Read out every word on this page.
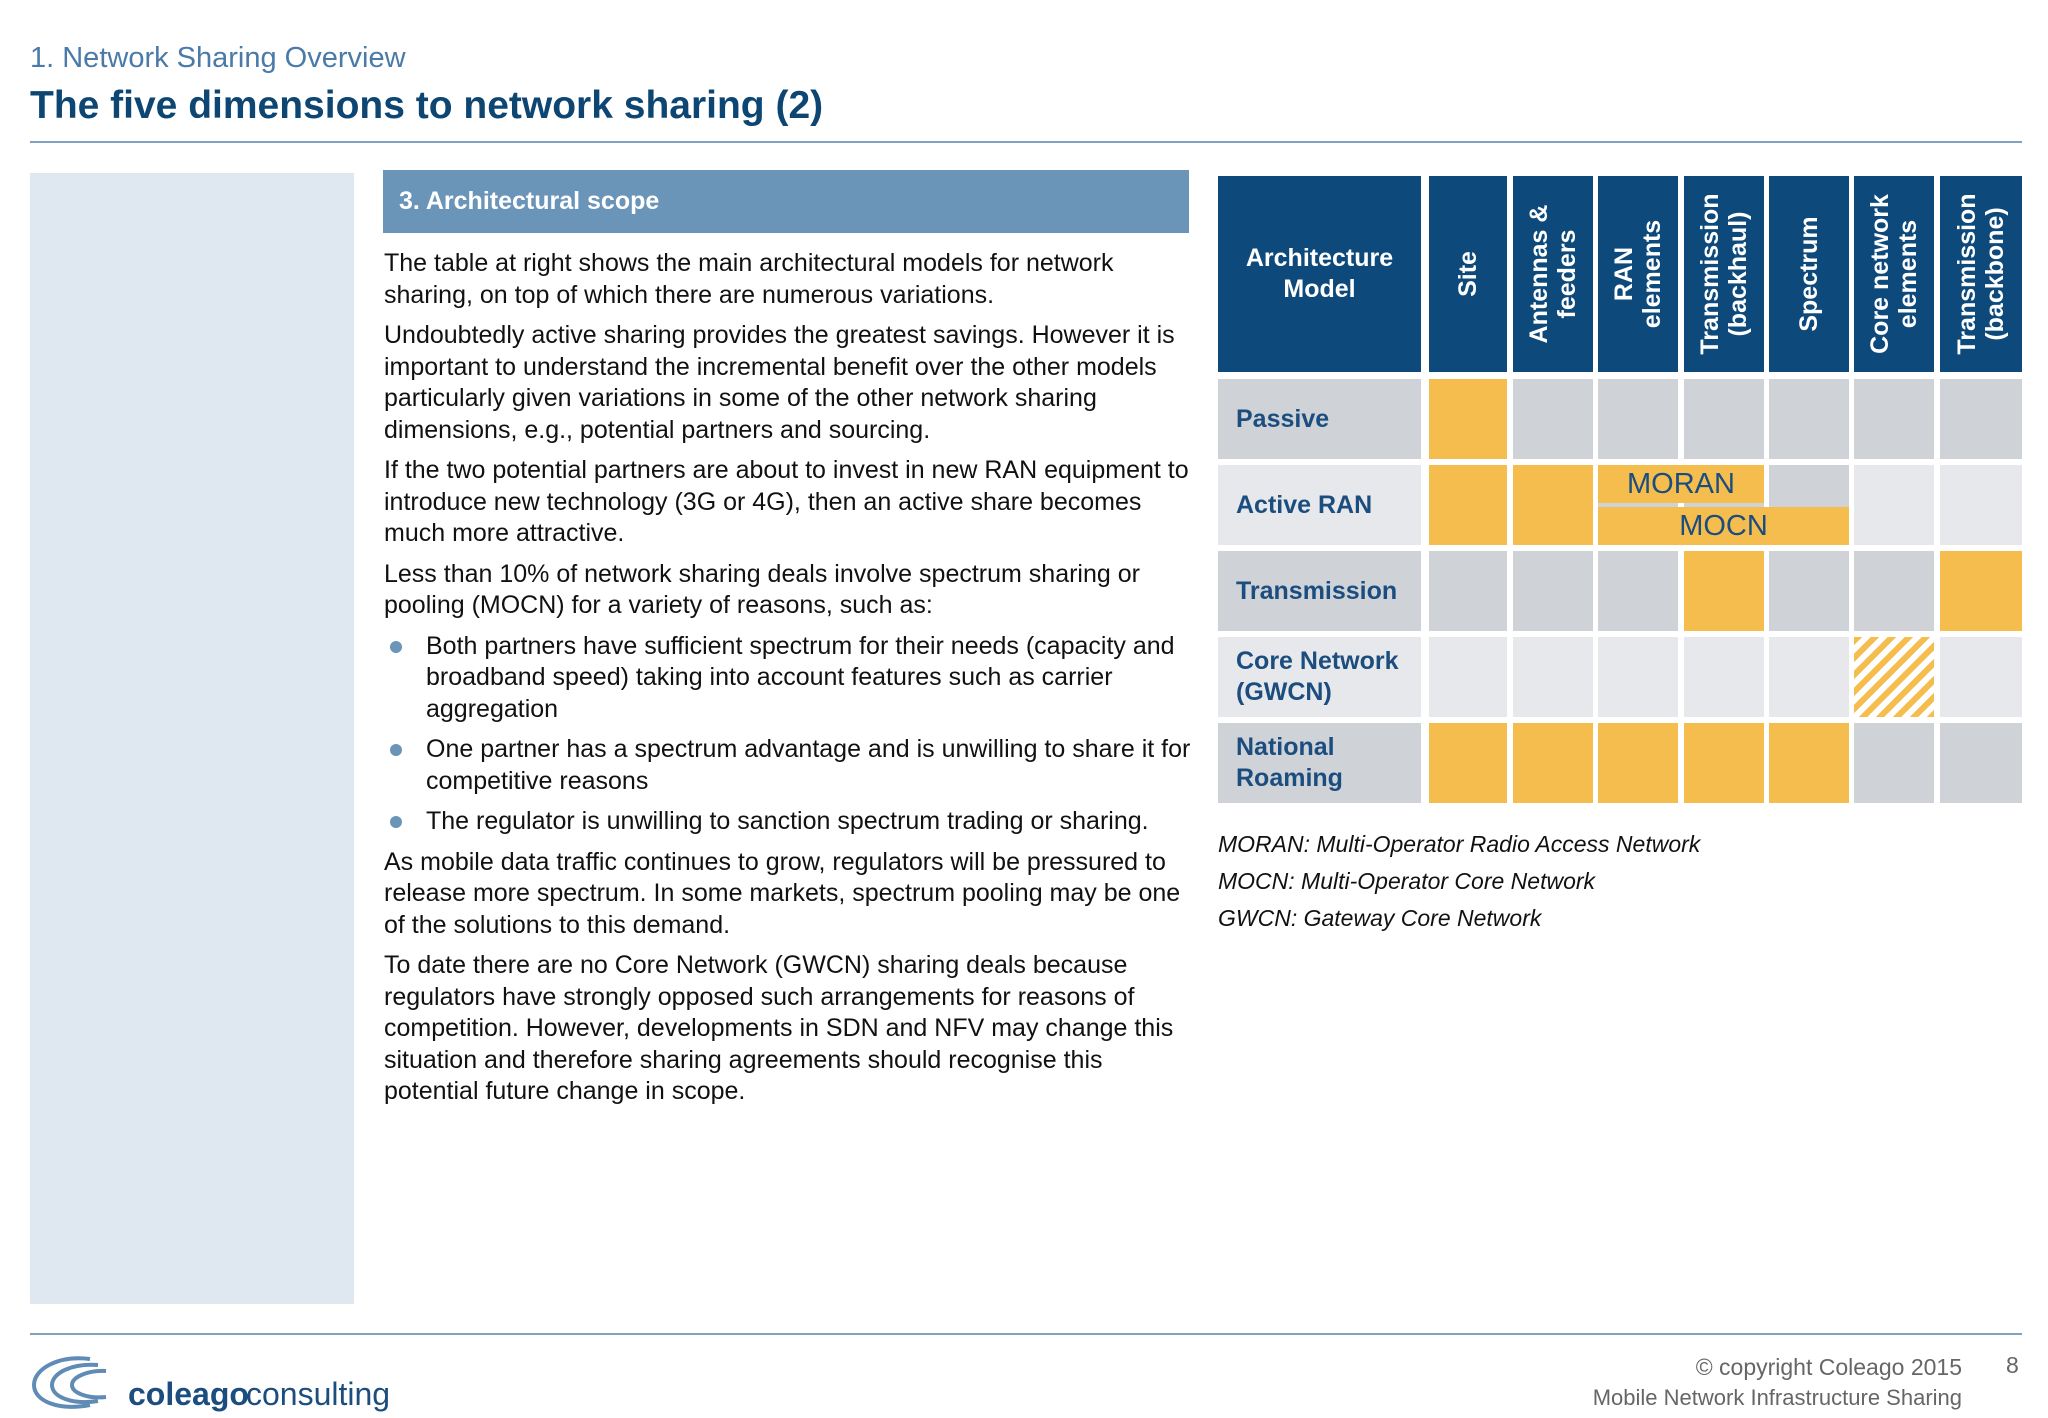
1. Network Sharing Overview
The five dimensions to network sharing (2)
3. Architectural scope

The table at right shows the main architectural models for network sharing, on top of which there are numerous variations.

Undoubtedly active sharing provides the greatest savings. However it is important to understand the incremental benefit over the other models particularly given variations in some of the other network sharing dimensions, e.g., potential partners and sourcing.

If the two potential partners are about to invest in new RAN equipment to introduce new technology (3G or 4G), then an active share becomes much more attractive.

Less than 10% of network sharing deals involve spectrum sharing or pooling (MOCN) for a variety of reasons, such as:

Both partners have sufficient spectrum for their needs (capacity and broadband speed) taking into account features such as carrier aggregation
One partner has a spectrum advantage and is unwilling to share it for competitive reasons
The regulator is unwilling to sanction spectrum trading or sharing.

As mobile data traffic continues to grow, regulators will be pressured to release more spectrum. In some markets, spectrum pooling may be one of the solutions to this demand.

To date there are no Core Network (GWCN) sharing deals because regulators have strongly opposed such arrangements for reasons of competition. However, developments in SDN and NFV may change this situation and therefore sharing agreements should recognise this potential future change in scope.

Architecture Model	Site Antennas &
feeders RAN
elements Transmission
(backhaul) Spectrum Core network
elements Transmission
(backbone)
Passive
Active RAN
Transmission
Core Network (GWCN)
National Roaming
MORAN
MOCN
MORAN: Multi-Operator Radio Access Network
MOCN: Multi-Operator Core Network
GWCN: Gateway Core Network
coleago
consulting
© copyright Coleago 2015 8
Mobile Network Infrastructure Sharing
